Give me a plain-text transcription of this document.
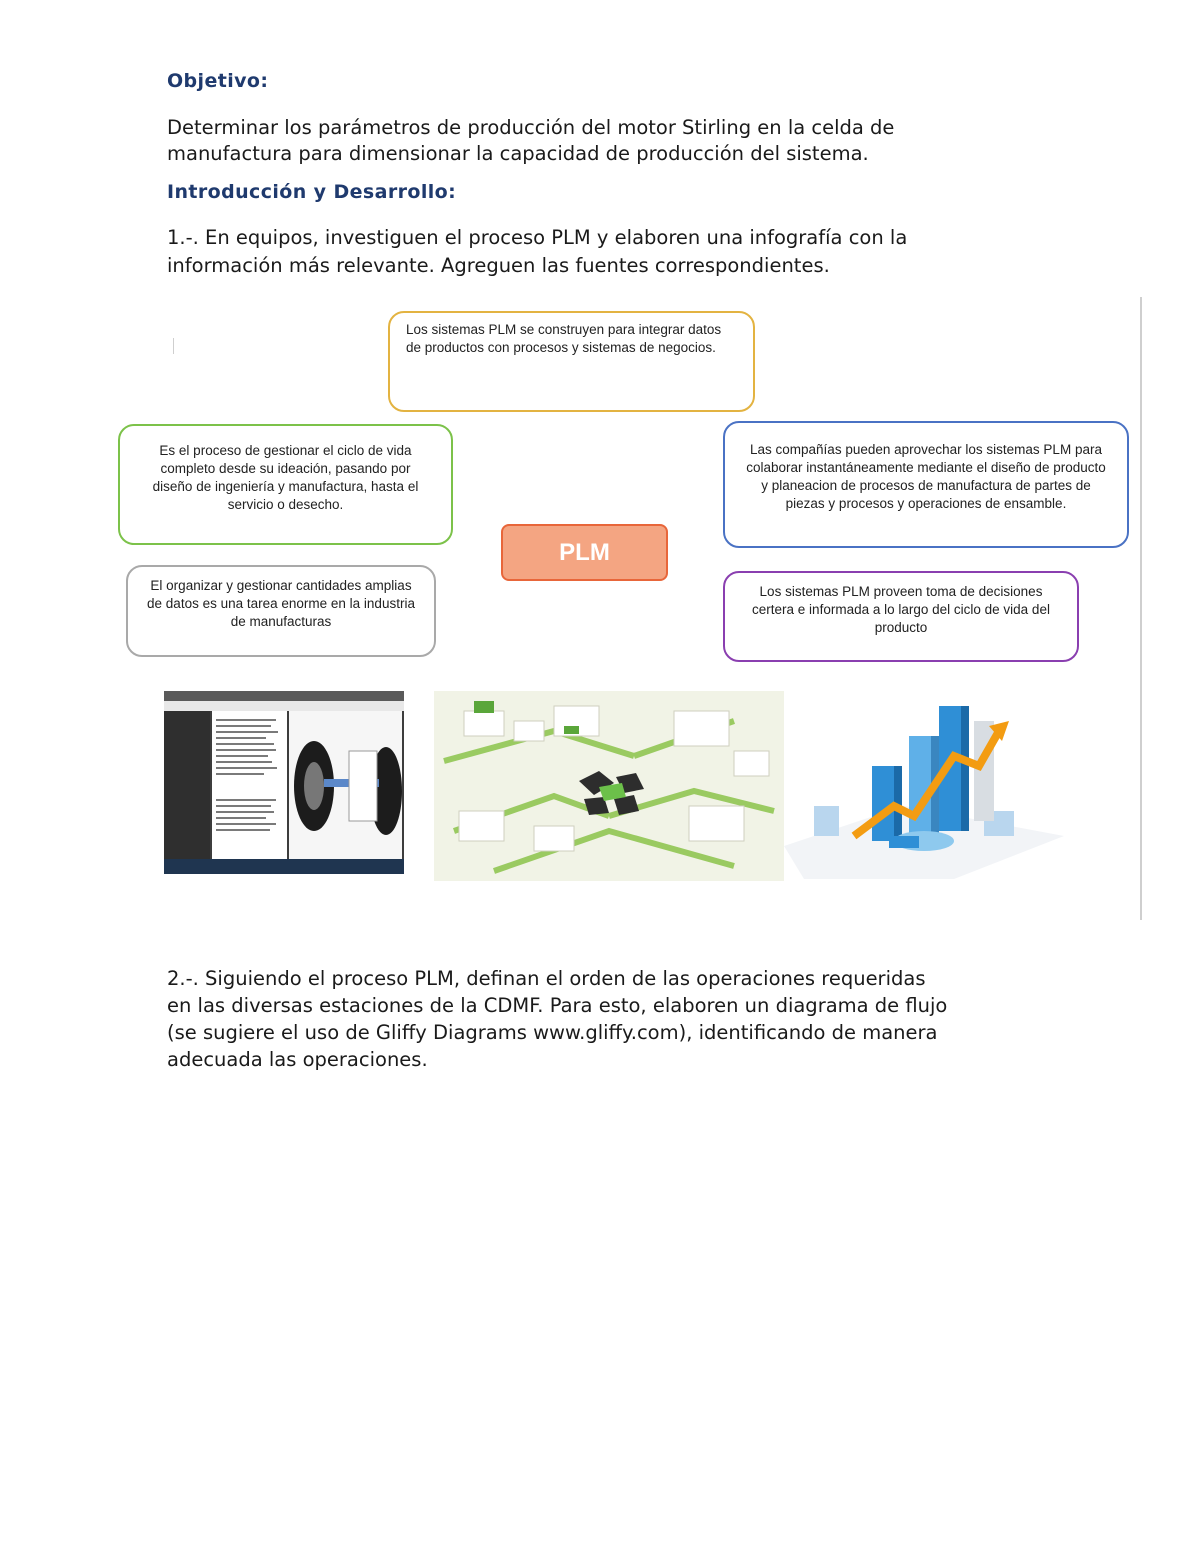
Objetivo:

Determinar los parámetros de producción del motor Stirling en la celda de

manufactura para dimensionar la capacidad de producción del sistema.

Introducción y Desarrollo:

1.-. En equipos, investiguen el proceso PLM y elaboren una infografía con la

información más relevante. Agreguen las fuentes correspondientes.

Los sistemas PLM se construyen para integrar datos de productos con procesos y sistemas de negocios.
Es el proceso de gestionar el ciclo de vida completo desde su ideación, pasando por diseño de ingeniería y manufactura, hasta el servicio o desecho.
El organizar y gestionar cantidades amplias de datos es una tarea enorme en la industria de manufacturas
Las compañías pueden aprovechar los sistemas PLM para colaborar instantáneamente mediante el diseño de producto y planeacion de procesos de manufactura de partes de piezas y procesos y operaciones de ensamble.
Los sistemas PLM proveen toma de decisiones certera e informada a lo largo del ciclo de vida del producto
PLM

2.-. Siguiendo el proceso PLM, definan el orden de las operaciones requeridas

en las diversas estaciones de la CDMF. Para esto, elaboren un diagrama de flujo

(se sugiere el uso de Gliffy Diagrams www.gliffy.com), identificando de manera

adecuada las operaciones.
